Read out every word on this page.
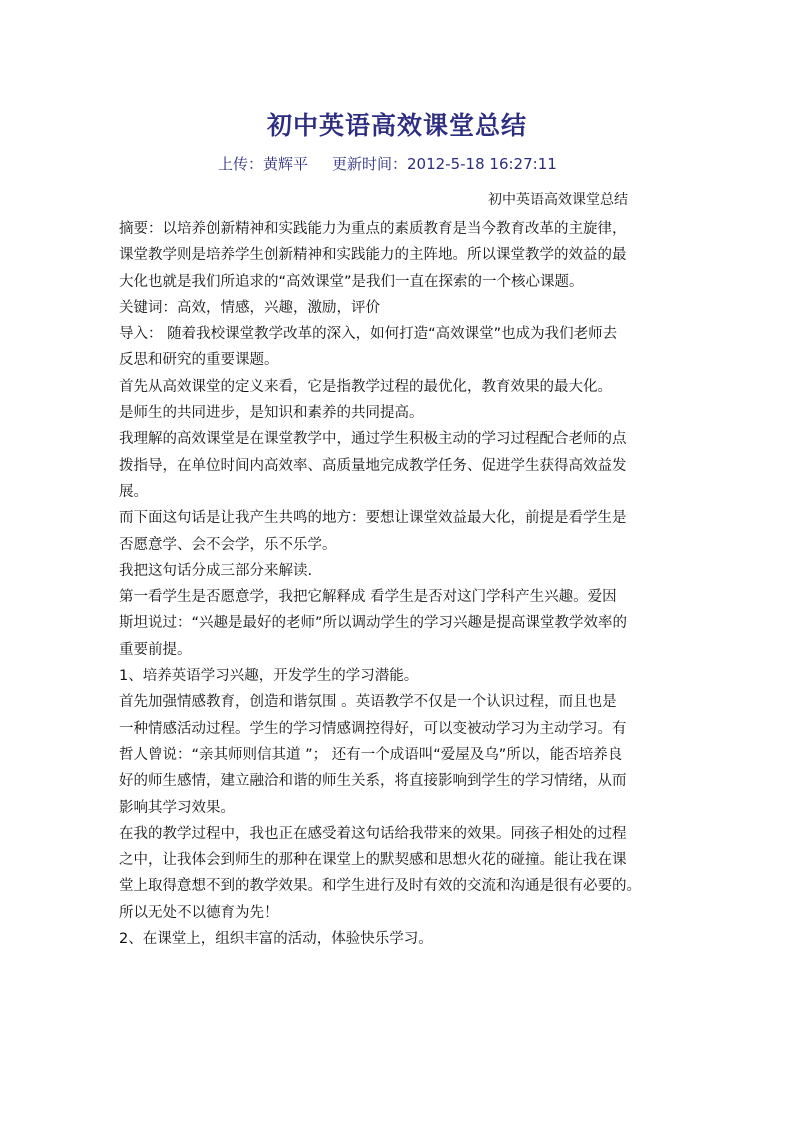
初中英语高效课堂总结
上传：黄辉平 更新时间：2012-5-18 16:27:11
初中英语高效课堂总结
摘要：以培养创新精神和实践能力为重点的素质教育是当今教育改革的主旋律，
课堂教学则是培养学生创新精神和实践能力的主阵地。所以课堂教学的效益的最
大化也就是我们所追求的“高效课堂”是我们一直在探索的一个核心课题。
关键词：高效，情感，兴趣，激励，评价
导入： 随着我校课堂教学改革的深入，如何打造“高效课堂”也成为我们老师去
反思和研究的重要课题。
首先从高效课堂的定义来看，它是指教学过程的最优化，教育效果的最大化。
是师生的共同进步，是知识和素养的共同提高。
我理解的高效课堂是在课堂教学中，通过学生积极主动的学习过程配合老师的点
拨指导，在单位时间内高效率、高质量地完成教学任务、促进学生获得高效益发
展。
而下面这句话是让我产生共鸣的地方：要想让课堂效益最大化，前提是看学生是
否愿意学、会不会学，乐不乐学。
我把这句话分成三部分来解读.
第一看学生是否愿意学，我把它解释成 看学生是否对这门学科产生兴趣。爱因
斯坦说过：“兴趣是最好的老师”所以调动学生的学习兴趣是提高课堂教学效率的
重要前提。
1、培养英语学习兴趣，开发学生的学习潜能。
首先加强情感教育，创造和谐氛围 。英语教学不仅是一个认识过程，而且也是
一种情感活动过程。学生的学习情感调控得好，可以变被动学习为主动学习。有
哲人曾说：“亲其师则信其道 ”； 还有一个成语叫“爱屋及乌”所以，能否培养良
好的师生感情，建立融洽和谐的师生关系，将直接影响到学生的学习情绪，从而
影响其学习效果。
在我的教学过程中，我也正在感受着这句话给我带来的效果。同孩子相处的过程
之中，让我体会到师生的那种在课堂上的默契感和思想火花的碰撞。能让我在课
堂上取得意想不到的教学效果。和学生进行及时有效的交流和沟通是很有必要的。
所以无处不以德育为先！
2、在课堂上，组织丰富的活动，体验快乐学习。
